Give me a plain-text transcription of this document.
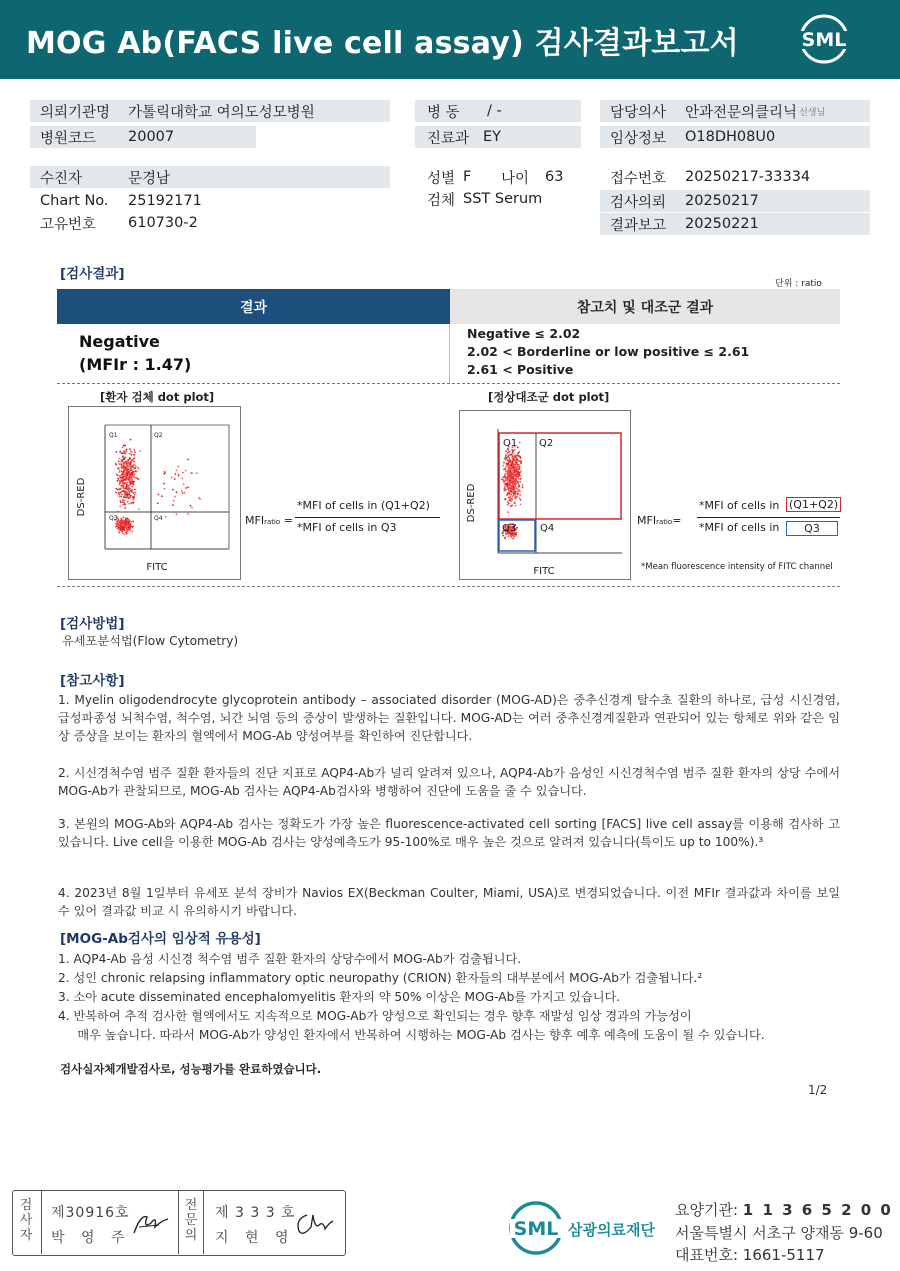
MOG Ab(FACS live cell assay) 검사결과보고서	SML
의뢰기관명	가톨릭대학교 여의도성모병원
병원코드	20007
병 동	/ -
진료과 EY
담당의사	안과전문의클리닉 선생님
임상정보	O18DH08U0
수진자	문경남
Chart No.	25192171
고유번호	610730-2
성별 F	나이	63
검체 SST Serum
접수번호	20250217-33334
검사의뢰	20250217
결과보고	20250221
[검사결과]
단위 : ratio
결과	참고치 및 대조군 결과
Negative
(MFIr : 1.47)
Negative ≤ 2.02
2.02 < Borderline or low positive ≤ 2.61
2.61 < Positive
[환자 검체 dot plot]
Q1	Q2
Q3	Q4
FITC
DS-RED
MFIratio =
*MFI of cells in (Q1+Q2)
*MFI of cells in Q3
[정상대조군 dot plot]
Q1 Q2
Q3 Q4
FITC
DS-RED	MFIratio=
*MFI of cells in (Q1+Q2)
*MFI of cells in	Q3
*Mean fluorescence intensity of FITC channel
[검사방법]
유세포분석법(Flow Cytometry)
[참고사항]
1. Myelin oligodendrocyte glycoprotein antibody – associated disorder (MOG-AD)은 중추신경계 탈수초 질환의 하나로, 급성 시신경염, 급성파종성 뇌척수염, 척수염, 뇌간 뇌염 등의 증상이 발생하는 질환입니다. MOG-AD는 여러 중추신경계질환과 연관되어 있는 항체로 위와 같은 임상 증상을 보이는 환자의 혈액에서 MOG-Ab 양성여부를 확인하여 진단합니다.
2. 시신경척수염 범주 질환 환자들의 진단 지표로 AQP4-Ab가 널리 알려져 있으나, AQP4-Ab가 음성인 시신경척수염 범주 질환 환자의 상당 수에서 MOG-Ab가 관찰되므로, MOG-Ab 검사는 AQP4-Ab검사와 병행하여 진단에 도움을 줄 수 있습니다.
3. 본원의 MOG-Ab와 AQP4-Ab 검사는 정확도가 가장 높은 fluorescence-activated cell sorting [FACS] live cell assay를 이용해 검사하 고 있습니다. Live cell을 이용한 MOG-Ab 검사는 양성예측도가 95-100%로 매우 높은 것으로 알려져 있습니다(특이도 up to 100%).³
4. 2023년 8월 1일부터 유세포 분석 장비가 Navios EX(Beckman Coulter, Miami, USA)로 변경되었습니다. 이전 MFIr 결과값과 차이를 보일 수 있어 결과값 비교 시 유의하시기 바랍니다.
[MOG-Ab검사의 임상적 유용성]
1. AQP4-Ab 음성 시신경 척수염 범주 질환 환자의 상당수에서 MOG-Ab가 검출됩니다.
2. 성인 chronic relapsing inflammatory optic neuropathy (CRION) 환자들의 대부분에서 MOG-Ab가 검출됩니다.²
3. 소아 acute disseminated encephalomyelitis 환자의 약 50% 이상은 MOG-Ab를 가지고 있습니다.
4. 반복하여 추적 검사한 혈액에서도 지속적으로 MOG-Ab가 양성으로 확인되는 경우 향후 재발성 임상 경과의 가능성이
매우 높습니다. 따라서 MOG-Ab가 양성인 환자에서 반복하여 시행하는 MOG-Ab 검사는 향후 예후 예측에 도움이 될 수 있습니다.
검사실자체개발검사로, 성능평가를 완료하였습니다.
1/2
검
사
자
제30916호
박 영 주
전
문
의
제 3 3 3 호
지 현 영	SML 삼광의료재단
요양기관: 1 1 3 6 5 2 0 0
서울특별시 서초구 양재동 9-60
대표번호: 1661-5117
